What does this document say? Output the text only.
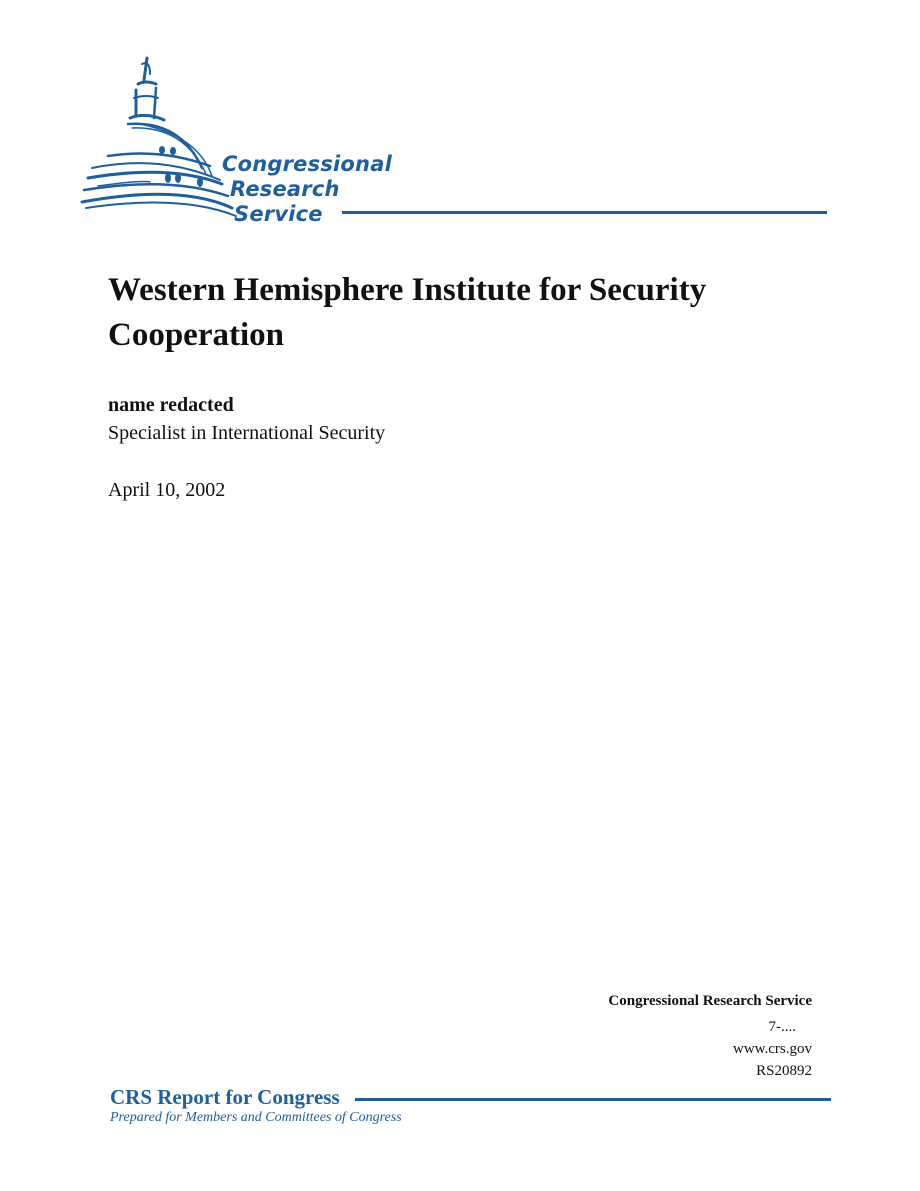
Congressional
Research
Service
Western Hemisphere Institute for Security Cooperation
name redacted
Specialist in International Security
April 10, 2002
Congressional Research Service
7-....
www.crs.gov
RS20892
CRS Report for Congress
Prepared for Members and Committees of Congress
